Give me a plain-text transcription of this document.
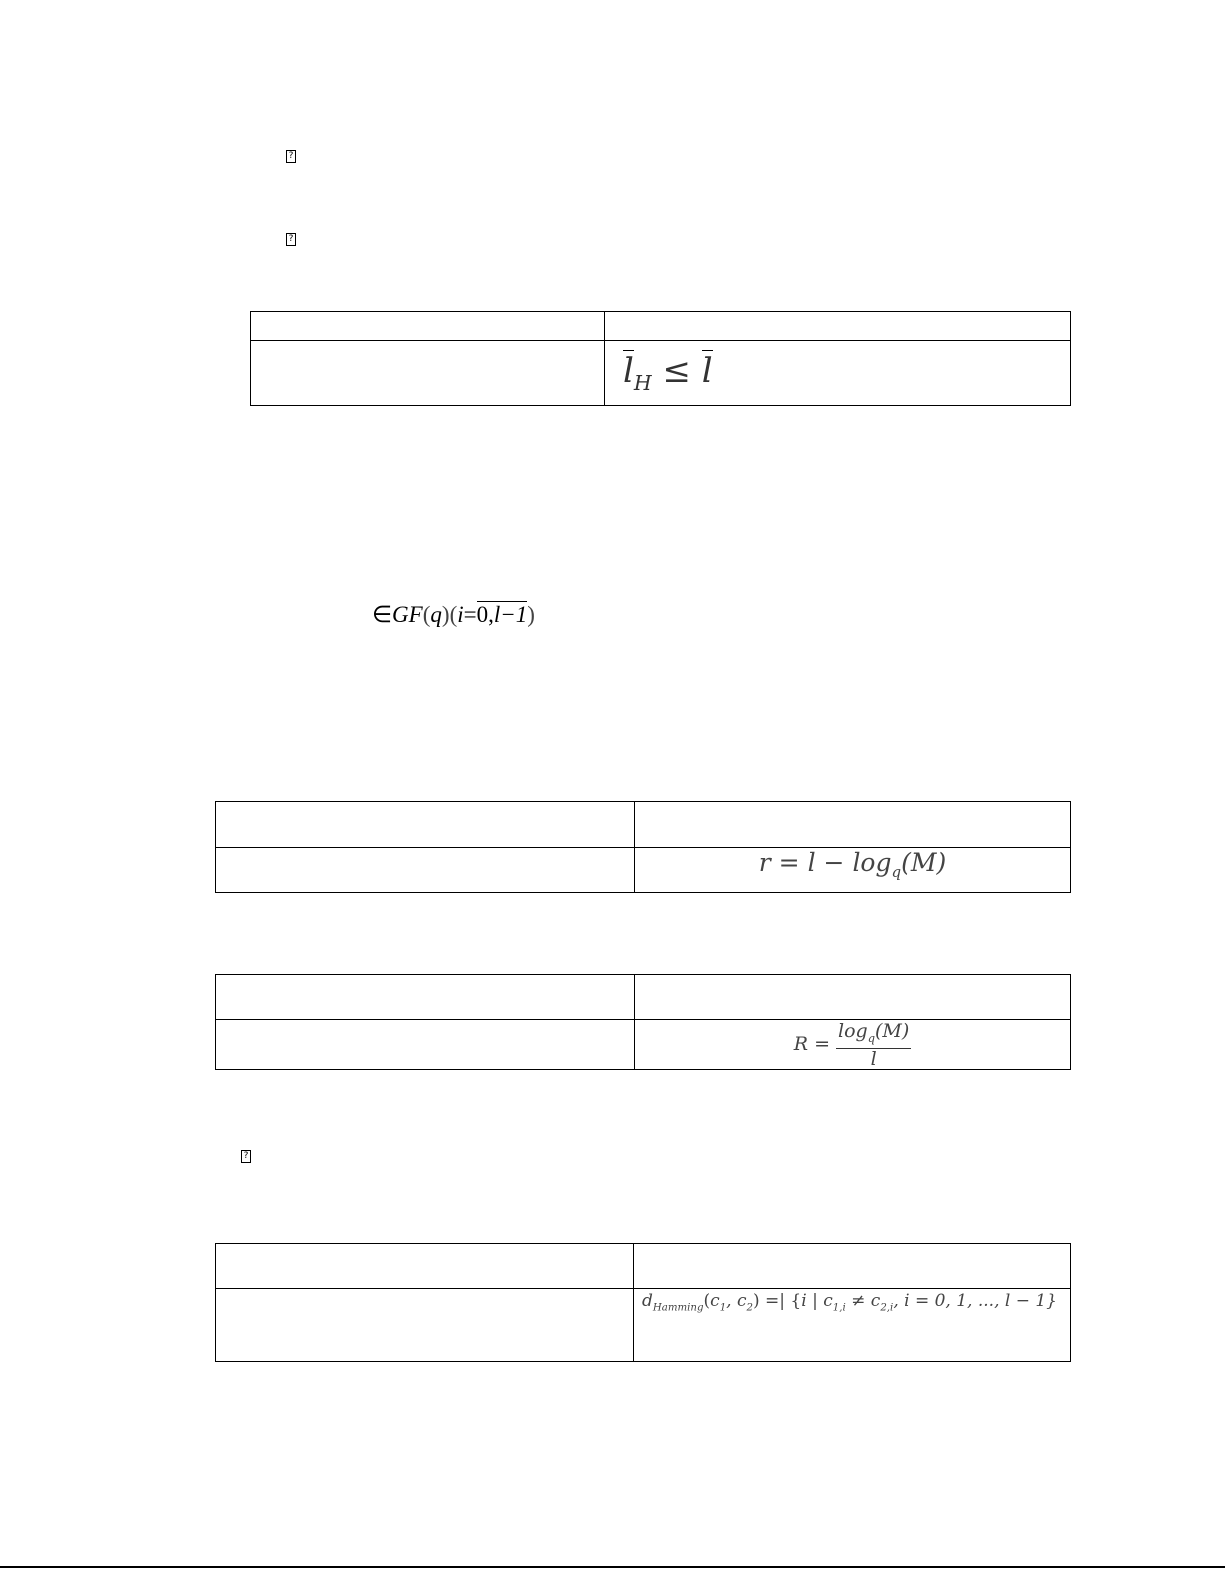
?
?
?

	$l_H \le l$
∈GF(q)(i=0,l−1)

	$r = l - \log_q(M)$

	$R = \frac{\log_q(M)}{l}$

	$d_{Hamming}(c_1$, $c_2$) =| {i | $c_{1,i} \ne c_{2,i}$, i = 0, 1, ..., l − 1}
